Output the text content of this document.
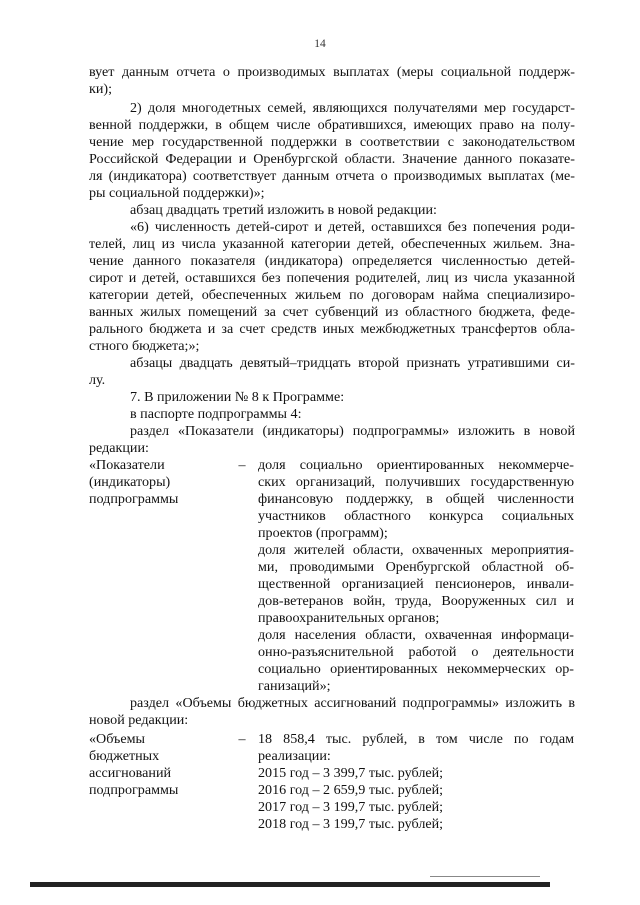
14
вует данным отчета о производимых выплатах (меры социальной поддерж-
ки);
2) доля многодетных семей, являющихся получателями мер государст-
венной поддержки, в общем числе обратившихся, имеющих право на полу-
чение мер государственной поддержки в соответствии с законодательством
Российской Федерации и Оренбургской области. Значение данного показате-
ля (индикатора) соответствует данным отчета о производимых выплатах (ме-
ры социальной поддержки)»;
абзац двадцать третий изложить в новой редакции:
«6) численность детей-сирот и детей, оставшихся без попечения роди-
телей, лиц из числа указанной категории детей, обеспеченных жильем. Зна-
чение данного показателя (индикатора) определяется численностью детей-
сирот и детей, оставшихся без попечения родителей, лиц из числа указанной
категории детей, обеспеченных жильем по договорам найма специализиро-
ванных жилых помещений за счет субвенций из областного бюджета, феде-
рального бюджета и за счет средств иных межбюджетных трансфертов обла-
стного бюджета;»;
абзацы двадцать девятый–тридцать второй признать утратившими си-
лу.
7. В приложении № 8 к Программе:
в паспорте подпрограммы 4:
раздел «Показатели (индикаторы) подпрограммы» изложить в новой
редакции:
«Показатели
(индикаторы)
подпрограммы
– доля социально ориентированных некоммерче-
ских организаций, получивших государственную
финансовую поддержку, в общей численности
участников областного конкурса социальных
проектов (программ);
доля жителей области, охваченных мероприятия-
ми, проводимыми Оренбургской областной об-
щественной организацией пенсионеров, инвали-
дов-ветеранов войн, труда, Вооруженных сил и
правоохранительных органов;
доля населения области, охваченная информаци-
онно-разъяснительной работой о деятельности
социально ориентированных некоммерческих ор-
ганизаций»;
раздел «Объемы бюджетных ассигнований подпрограммы» изложить в
новой редакции:
«Объемы
бюджетных
ассигнований
подпрограммы
– 18 858,4 тыс. рублей, в том числе по годам
реализации:
2015 год – 3 399,7 тыс. рублей;
2016 год – 2 659,9 тыс. рублей;
2017 год – 3 199,7 тыс. рублей;
2018 год – 3 199,7 тыс. рублей;
